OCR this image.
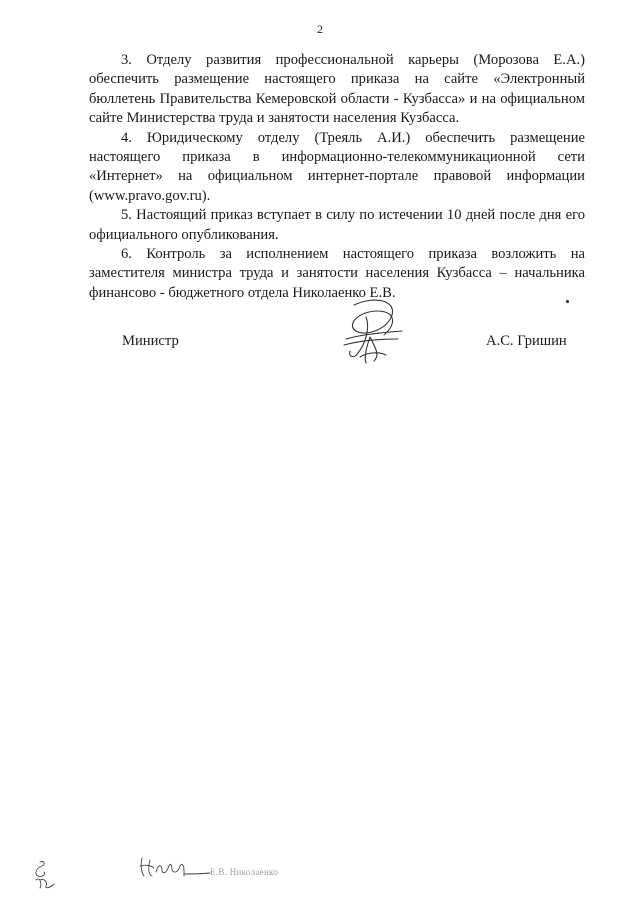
2

3. Отделу развития профессиональной карьеры (Морозова Е.А.) обеспечить размещение настоящего приказа на сайте «Электронный бюллетень Правительства Кемеровской области - Кузбасса» и на официальном сайте Министерства труда и занятости населения Кузбасса.

4. Юридическому отделу (Трeяль А.И.) обеспечить размещение настоящего приказа в информационно-телекоммуникационной сети «Интернет» на официальном интернет-портале правовой информации (www.pravo.gov.ru).

5. Настоящий приказ вступает в силу по истечении 10 дней после дня его официального опубликования.

6. Контроль за исполнением настоящего приказа возложить на заместителя министра труда и занятости населения Кузбасса – начальника финансово - бюджетного отдела Николаенко Е.В.

Министр	А.С. Гришин
Е.В. Николаенко
